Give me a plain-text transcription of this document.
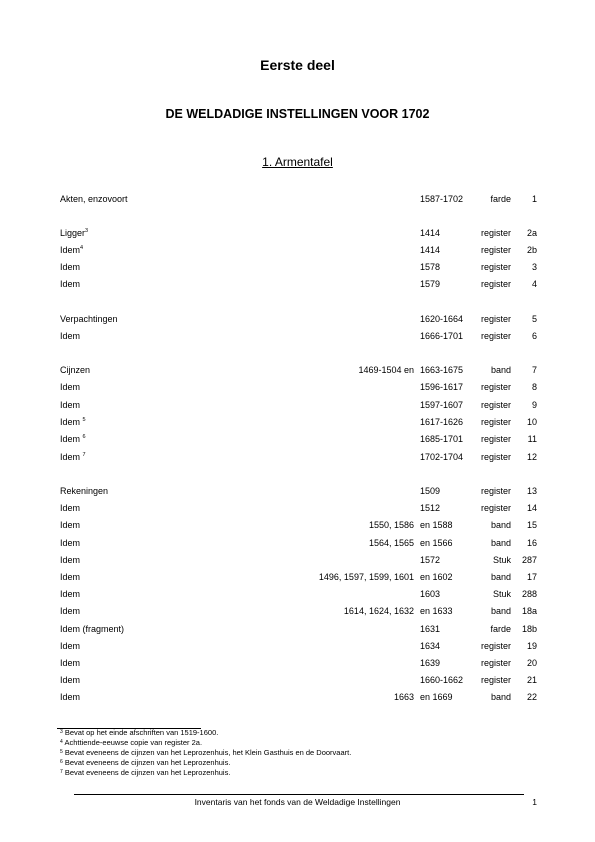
Eerste deel
DE WELDADIGE INSTELLINGEN VOOR 1702
1. Armentafel
Akten, enzovoort	1587-1702	farde 1
Ligger$^3$	1414	register 2a
Idem$^4$	1414	register 2b
Idem	1578	register 3
Idem	1579	register 4
Verpachtingen	1620-1664 register 5
Idem	1666-1701 register 6
Cijnzen	1469-1504 en 1663-1675	band 7
Idem	1596-1617 register 8
Idem	1597-1607 register 9
Idem $^5$	1617-1626 register 10
Idem $^6$	1685-1701 register 11
Idem $^7$	1702-1704 register 12
Rekeningen	1509	register 13
Idem	1512	register 14
Idem	1550, 1586 en 1588	band 15
Idem	1564, 1565 en 1566	band 16
Idem	1572	Stuk 287
Idem	1496, 1597, 1599, 1601 en 1602	band 17
Idem	1603	Stuk 288
Idem	1614, 1624, 1632 en 1633	band 18a
Idem (fragment)	1631	farde 18b
Idem	1634	register 19
Idem	1639	register 20
Idem	1660-1662 register 21
Idem	1663 en 1669	band 22
$^3$ Bevat op het einde afschriften van 1519-1600.
$^4$ Achttiende-eeuwse copie van register 2a.
$^5$ Bevat eveneens de cijnzen van het Leprozenhuis, het Klein Gasthuis en de Doorvaart.
$^6$ Bevat eveneens de cijnzen van het Leprozenhuis.
$^7$ Bevat eveneens de cijnzen van het Leprozenhuis.
Inventaris van het fonds van de Weldadige Instellingen	1
